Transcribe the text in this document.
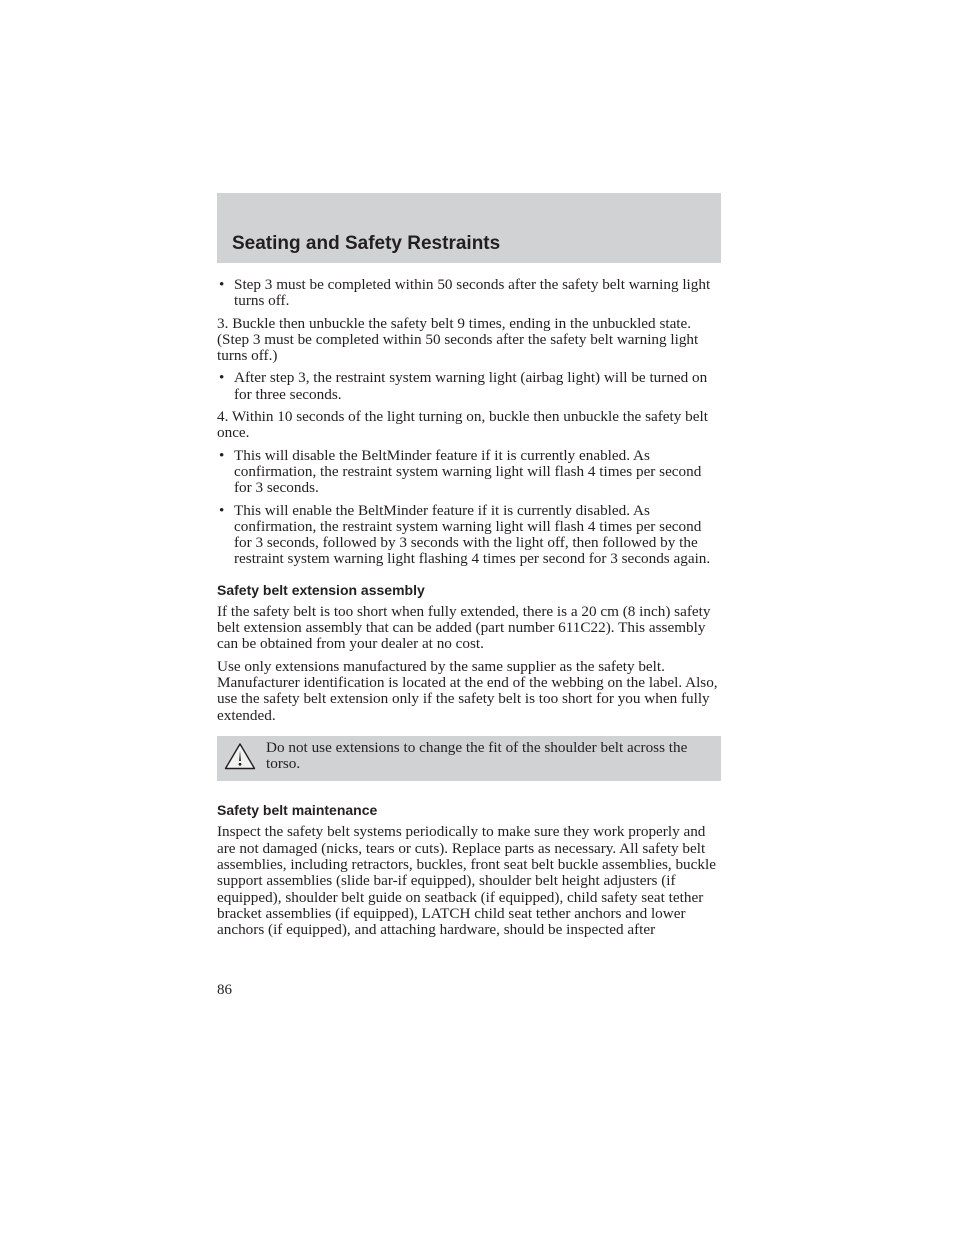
Seating and Safety Restraints
• Step 3 must be completed within 50 seconds after the safety belt warning light turns off.

3. Buckle then unbuckle the safety belt 9 times, ending in the unbuckled state. (Step 3 must be completed within 50 seconds after the safety belt warning light turns off.)

• After step 3, the restraint system warning light (airbag light) will be turned on for three seconds.

4. Within 10 seconds of the light turning on, buckle then unbuckle the safety belt once.

• This will disable the BeltMinder feature if it is currently enabled. As confirmation, the restraint system warning light will flash 4 times per second for 3 seconds.
• This will enable the BeltMinder feature if it is currently disabled. As confirmation, the restraint system warning light will flash 4 times per second for 3 seconds, followed by 3 seconds with the light off, then followed by the restraint system warning light flashing 4 times per second for 3 seconds again.
Safety belt extension assembly

If the safety belt is too short when fully extended, there is a 20 cm (8 inch) safety belt extension assembly that can be added (part number 611C22). This assembly can be obtained from your dealer at no cost.

Use only extensions manufactured by the same supplier as the safety belt. Manufacturer identification is located at the end of the webbing on the label. Also, use the safety belt extension only if the safety belt is too short for you when fully extended.

Do not use extensions to change the fit of the shoulder belt across the torso.
Safety belt maintenance

Inspect the safety belt systems periodically to make sure they work properly and are not damaged (nicks, tears or cuts). Replace parts as necessary. All safety belt assemblies, including retractors, buckles, front seat belt buckle assemblies, buckle support assemblies (slide bar-if equipped), shoulder belt height adjusters (if equipped), shoulder belt guide on seatback (if equipped), child safety seat tether bracket assemblies (if equipped), LATCH child seat tether anchors and lower anchors (if equipped), and attaching hardware, should be inspected after

86
